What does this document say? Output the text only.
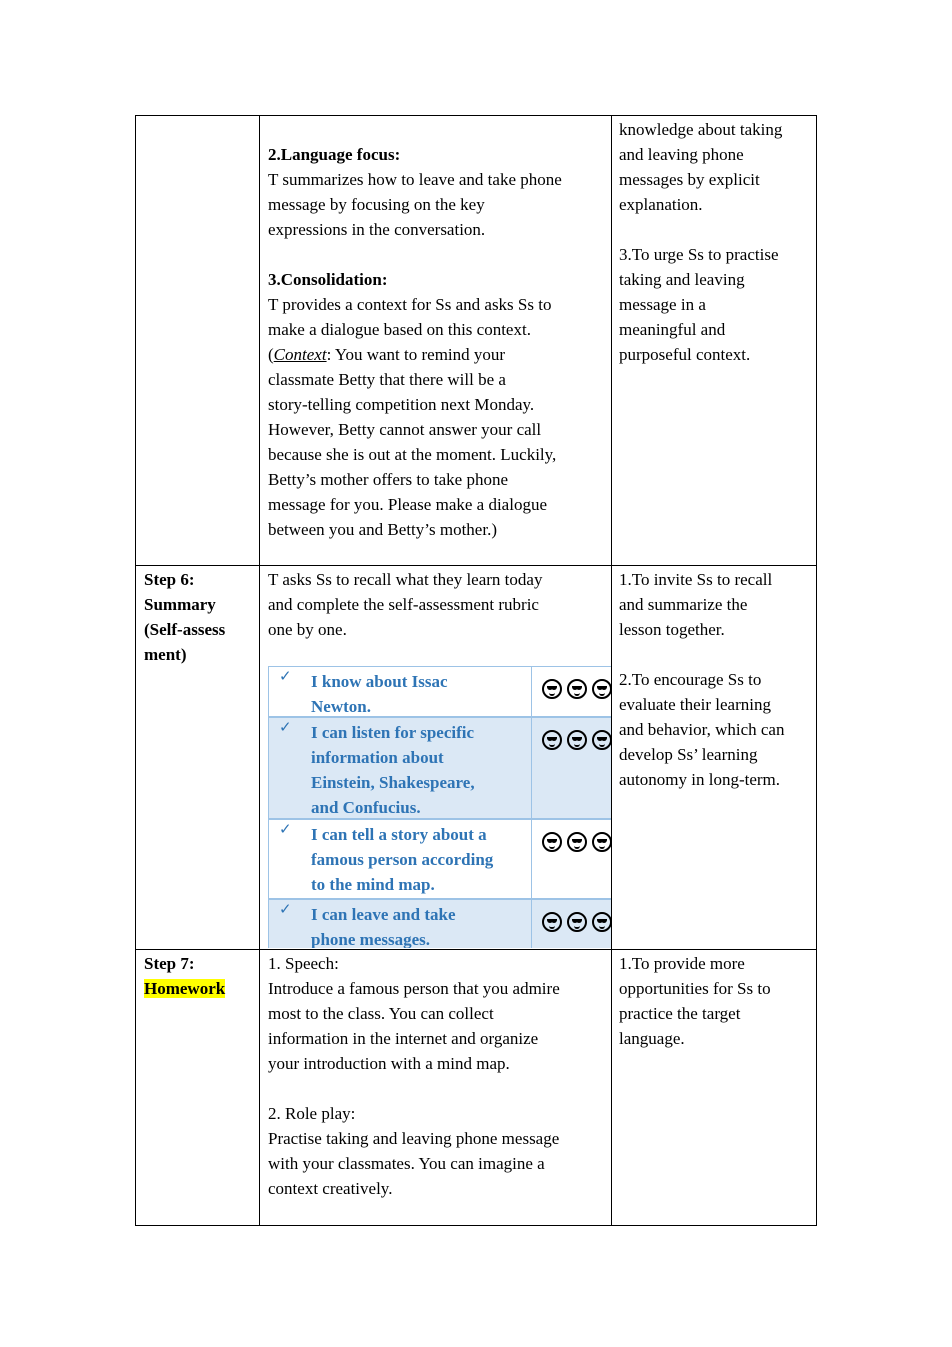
2.Language focus:
T summarizes how to leave and take phone
message by focusing on the key
expressions in the conversation.
3.Consolidation:
T provides a context for Ss and asks Ss to
make a dialogue based on this context.
(Context: You want to remind your
classmate Betty that there will be a
story-telling competition next Monday.
However, Betty cannot answer your call
because she is out at the moment. Luckily,
Betty’s mother offers to take phone
message for you. Please make a dialogue
between you and Betty’s mother.)
knowledge about taking
and leaving phone
messages by explicit
explanation.
3.To urge Ss to practise
taking and leaving
message in a
meaningful and
purposeful context.
Step 6:
Summary
(Self-assess
ment)
T asks Ss to recall what they learn today
and complete the self-assessment rubric
one by one.
✓ I know about Issac
Newton.
✓ I can listen for specific
information about
Einstein, Shakespeare,
and Confucius.
✓ I can tell a story about a
famous person according
to the mind map.
✓ I can leave and take
phone messages.
1.To invite Ss to recall
and summarize the
lesson together.
2.To encourage Ss to
evaluate their learning
and behavior, which can
develop Ss’ learning
autonomy in long-term.
Step 7:
Homework
1. Speech:
Introduce a famous person that you admire
most to the class. You can collect
information in the internet and organize
your introduction with a mind map.
2. Role play:
Practise taking and leaving phone message
with your classmates. You can imagine a
context creatively.
1.To provide more
opportunities for Ss to
practice the target
language.
